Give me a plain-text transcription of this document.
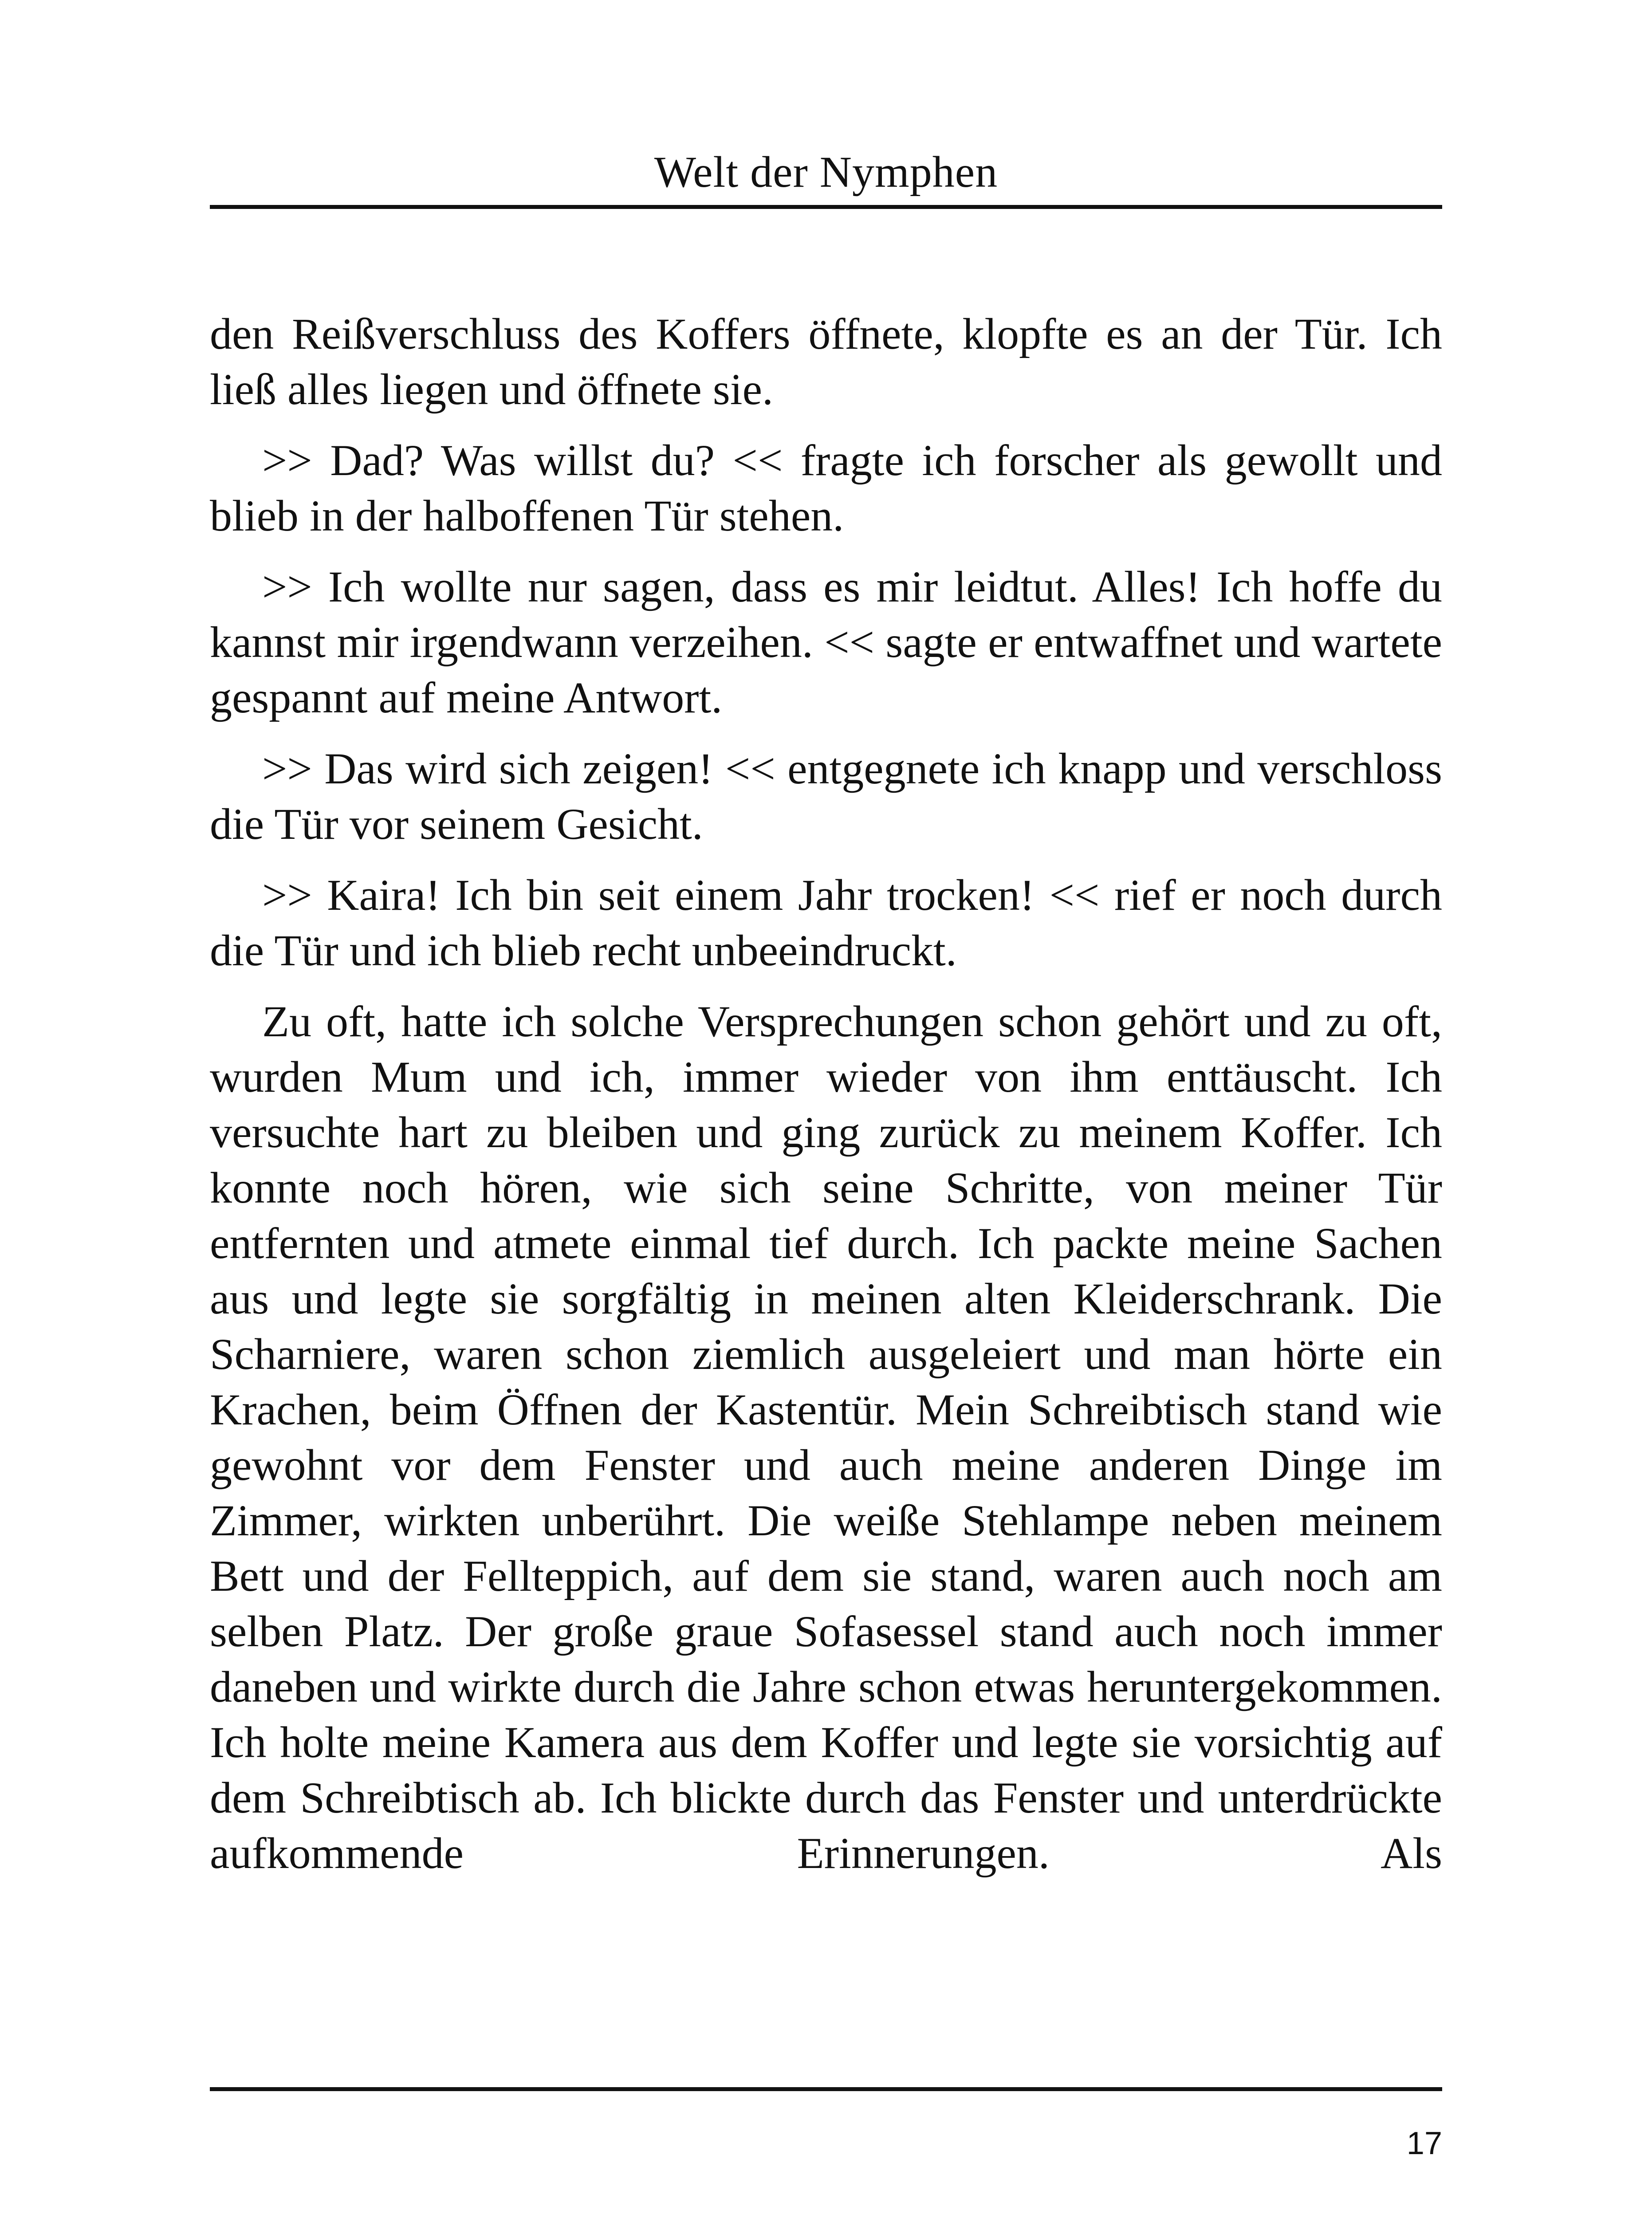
Welt der Nymphen

den Reißverschluss des Koffers öffnete, klopfte es an der Tür. Ich ließ alles liegen und öffnete sie.

>> Dad? Was willst du? << fragte ich forscher als gewollt und blieb in der halboffenen Tür stehen.

>> Ich wollte nur sagen, dass es mir leidtut. Alles! Ich hoffe du kannst mir irgendwann verzeihen. << sagte er entwaffnet und wartete gespannt auf meine Antwort.

>> Das wird sich zeigen! << entgegnete ich knapp und verschloss die Tür vor seinem Gesicht.

>> Kaira! Ich bin seit einem Jahr trocken! << rief er noch durch die Tür und ich blieb recht unbeeindruckt.

Zu oft, hatte ich solche Versprechungen schon gehört und zu oft, wurden Mum und ich, immer wieder von ihm enttäuscht. Ich versuchte hart zu bleiben und ging zurück zu meinem Koffer. Ich konnte noch hören, wie sich seine Schritte, von meiner Tür entfernten und atmete einmal tief durch. Ich packte meine Sachen aus und legte sie sorgfältig in meinen alten Kleiderschrank. Die Scharniere, waren schon ziemlich ausgeleiert und man hörte ein Krachen, beim Öffnen der Kastentür. Mein Schreibtisch stand wie gewohnt vor dem Fenster und auch meine anderen Dinge im Zimmer, wirkten unberührt. Die weiße Stehlampe neben meinem Bett und der Fellteppich, auf dem sie stand, waren auch noch am selben Platz. Der große graue Sofasessel stand auch noch immer daneben und wirkte durch die Jahre schon etwas heruntergekommen. Ich holte meine Kamera aus dem Koffer und legte sie vorsichtig auf dem Schreibtisch ab. Ich blickte durch das Fenster und unterdrückte aufkommende Erinnerungen. Als

17
